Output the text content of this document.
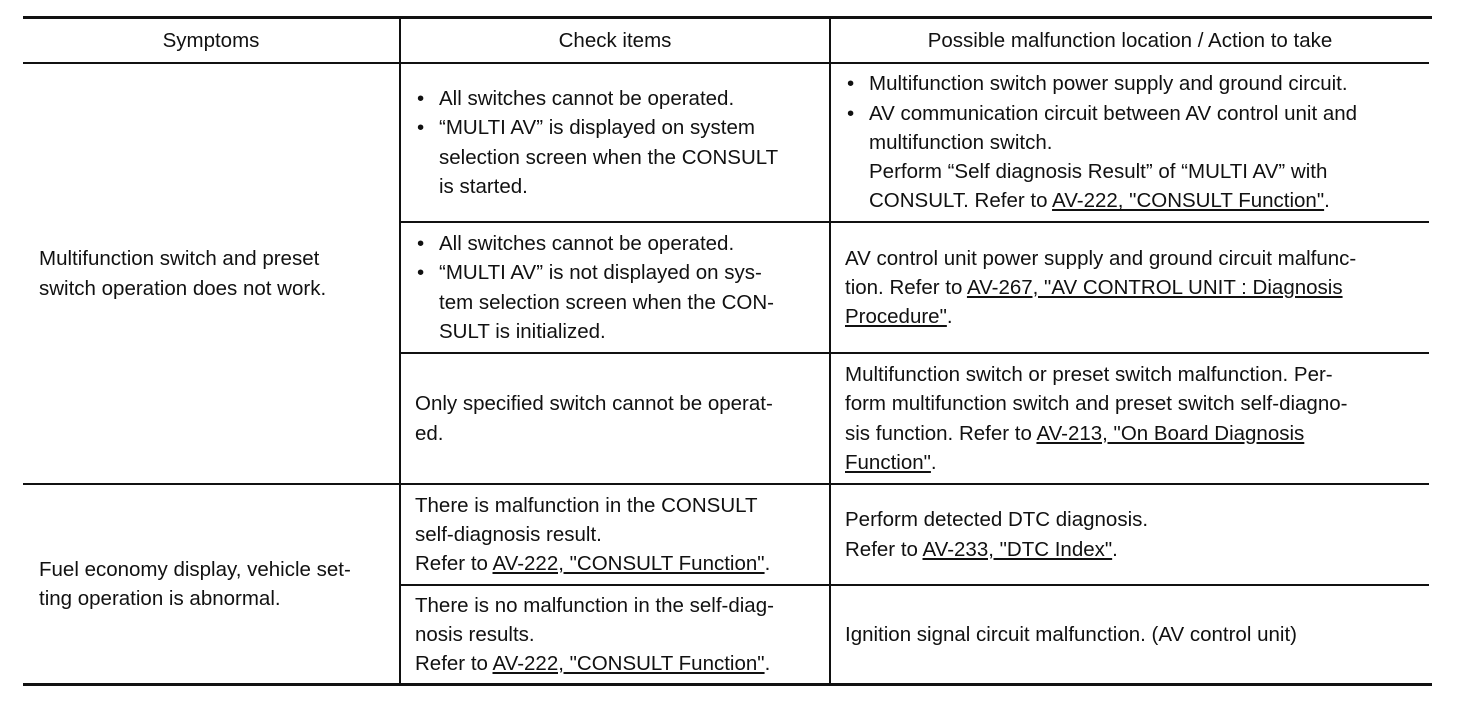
Symptoms	Check items	Possible malfunction location / Action to take

Multifunction switch and preset

switch operation does not work.

• All switches cannot be operated.
• “MULTI AV” is displayed on system
selection screen when the CONSULT
is started.
• Multifunction switch power supply and ground circuit.
• AV communication circuit between AV control unit and
multifunction switch.
Perform “Self diagnosis Result” of “MULTI AV” with
CONSULT. Refer to AV-222, "CONSULT Function".
• All switches cannot be operated.
• “MULTI AV” is not displayed on sys-
tem selection screen when the CON-
SULT is initialized.

AV control unit power supply and ground circuit malfunc-

tion. Refer to AV-267, "AV CONTROL UNIT : Diagnosis

Procedure".

Only specified switch cannot be operat-

ed.

Multifunction switch or preset switch malfunction. Per-

form multifunction switch and preset switch self-diagno-

sis function. Refer to AV-213, "On Board Diagnosis

Function".

Fuel economy display, vehicle set-

ting operation is abnormal.

There is malfunction in the CONSULT

self-diagnosis result.

Refer to AV-222, "CONSULT Function".

Perform detected DTC diagnosis.

Refer to AV-233, "DTC Index".

There is no malfunction in the self-diag-

nosis results.

Refer to AV-222, "CONSULT Function".

Ignition signal circuit malfunction. (AV control unit)
